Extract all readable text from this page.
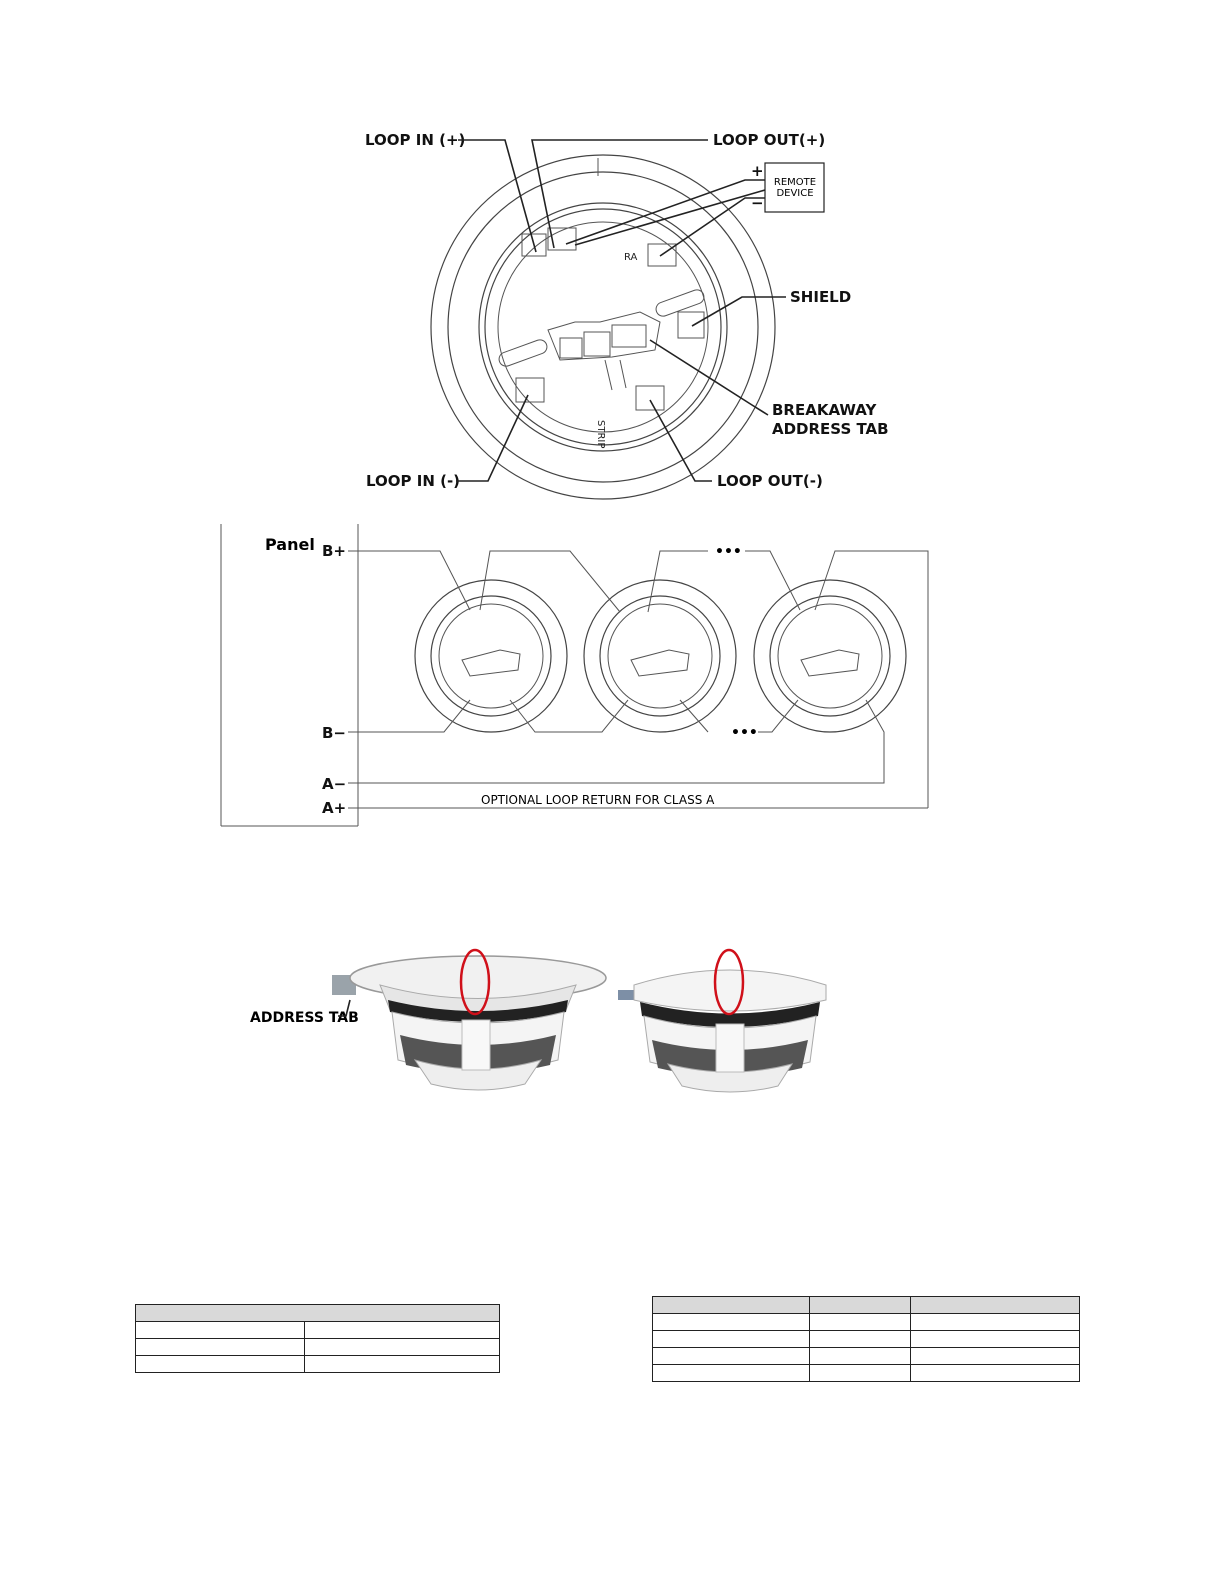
RA
STRIP
LOOP IN (+)	LOOP OUT(+)
REMOTE
DEVICE
+
−
SHIELD
BREAKAWAY
ADDRESS TAB
LOOP IN (-)	LOOP OUT(-)
Panel B+
B−
A−
A+
•••
•••
OPTIONAL LOOP RETURN FOR CLASS A
ADDRESS TAB
